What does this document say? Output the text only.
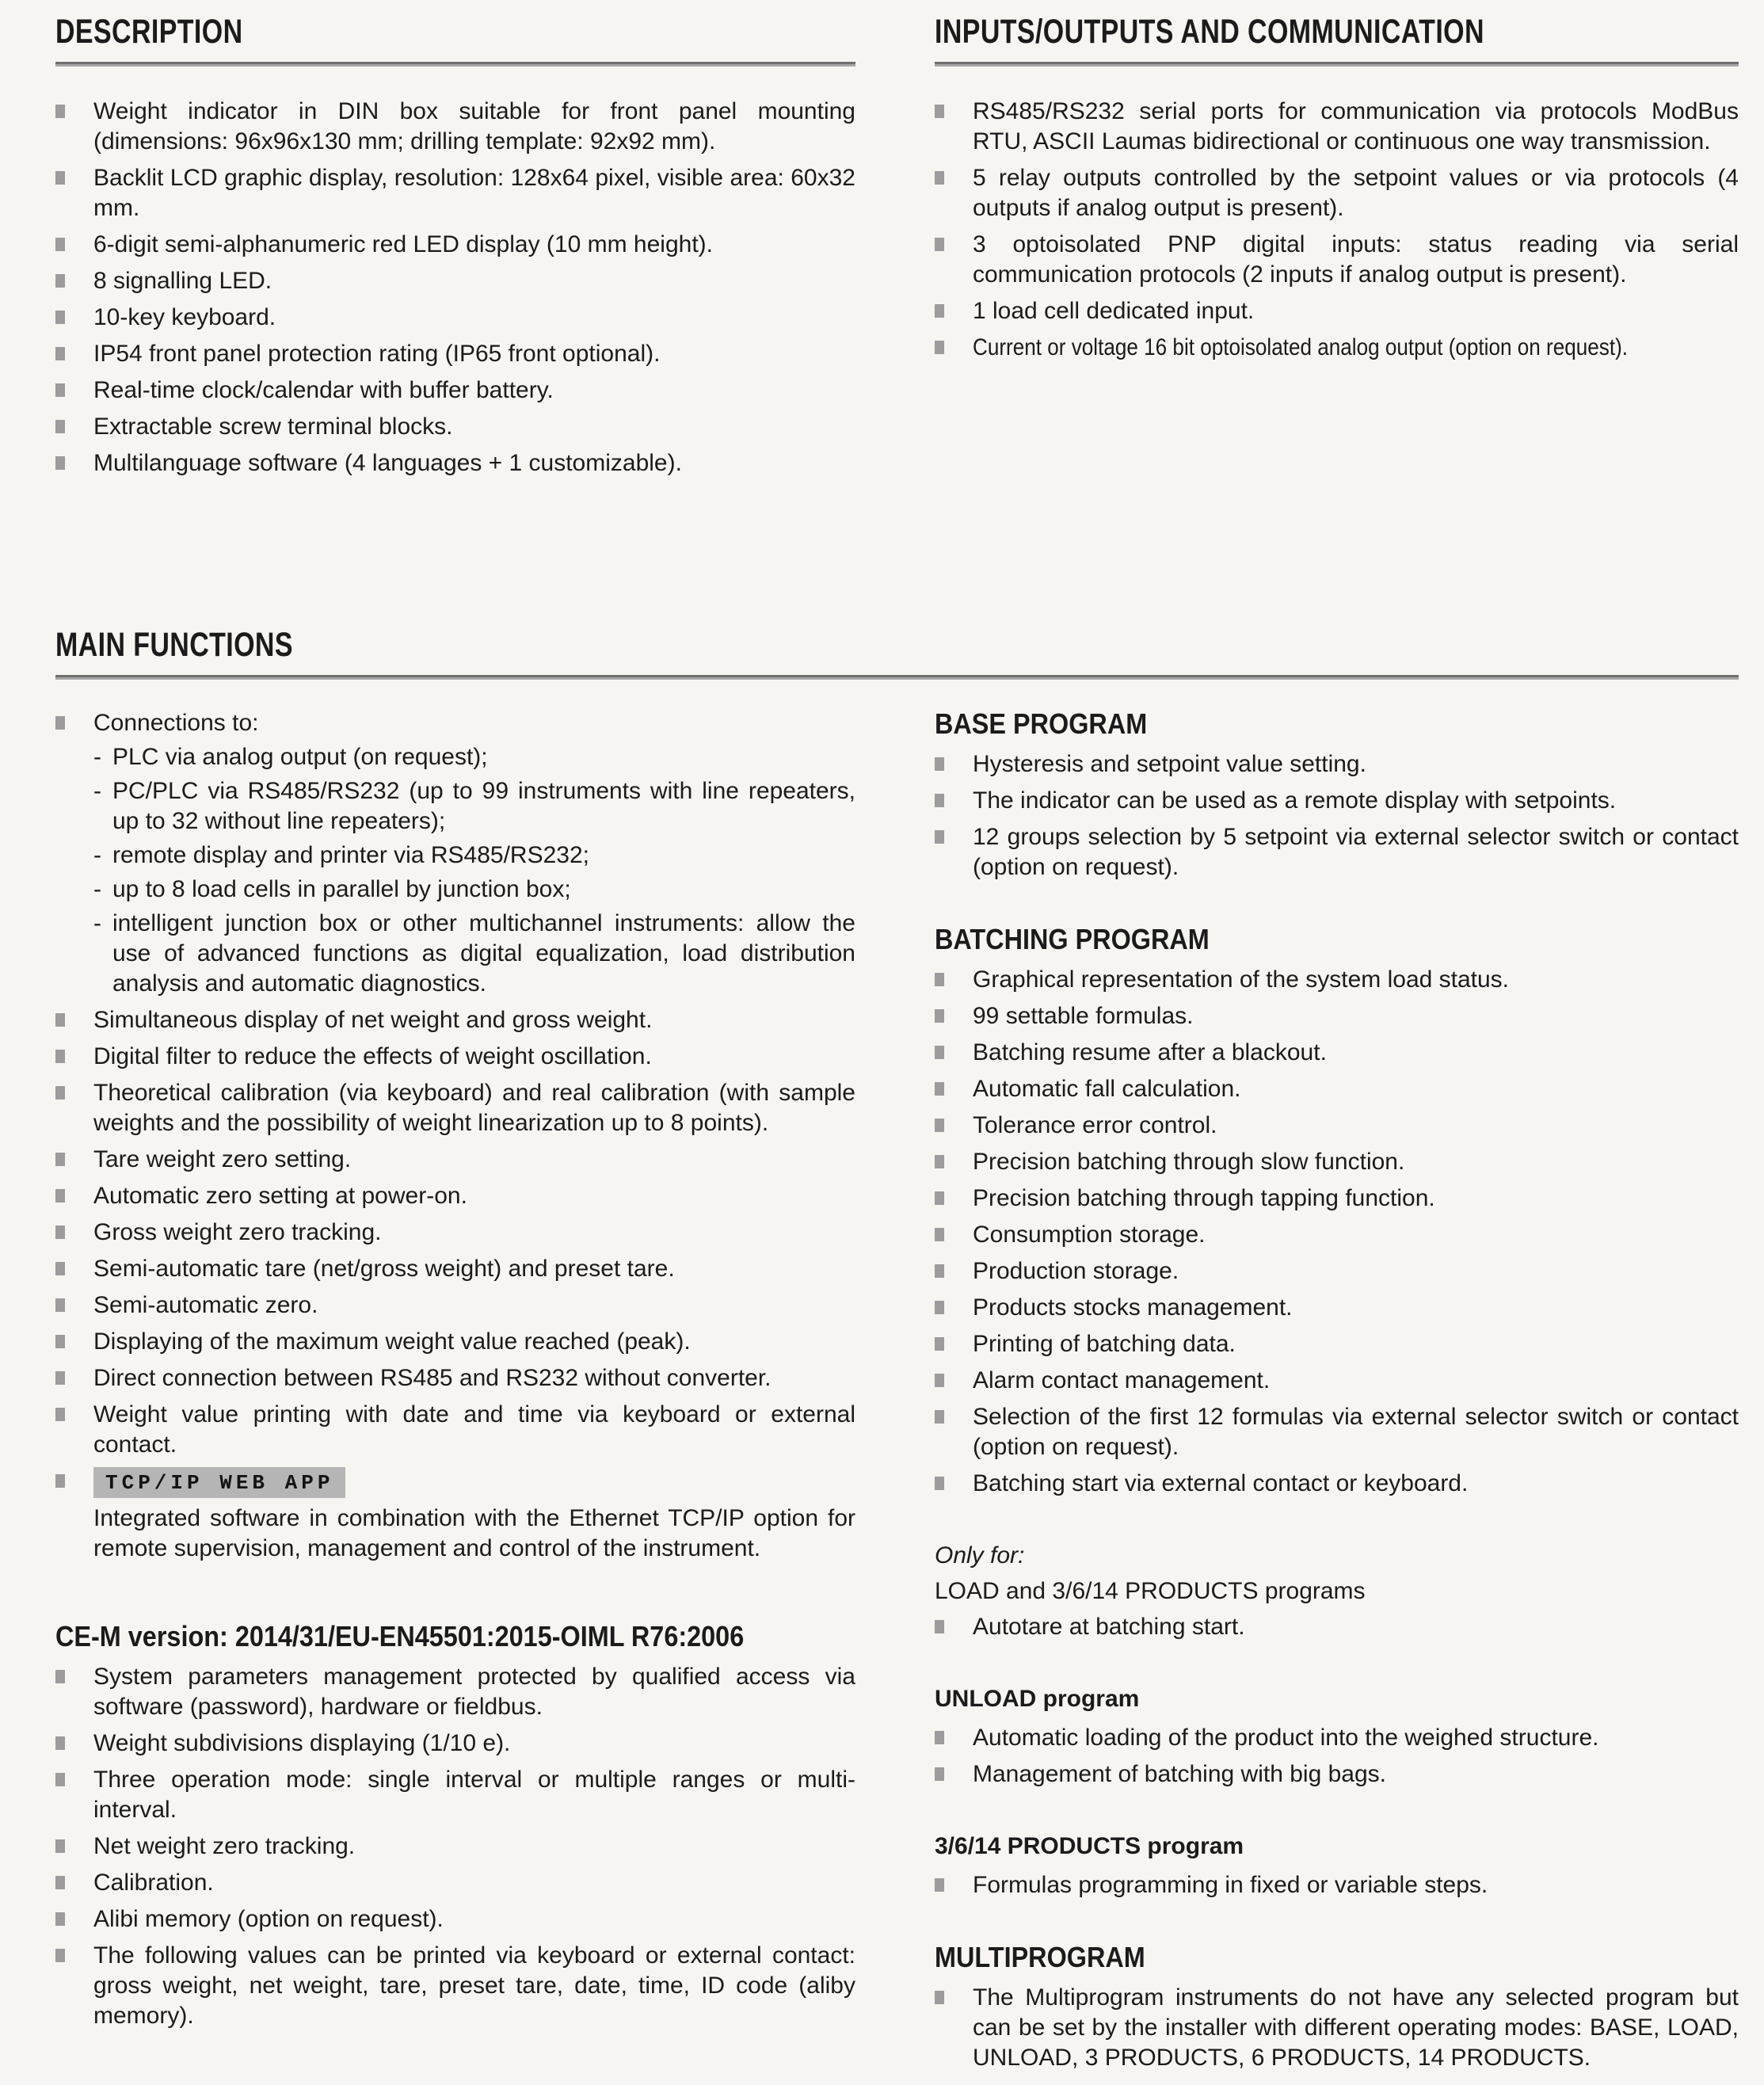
DESCRIPTION
Weight indicator in DIN box suitable for front panel mounting (dimensions: 96x96x130 mm; drilling template: 92x92 mm).
Backlit LCD graphic display, resolution: 128x64 pixel, visible area: 60x32 mm.
6-digit semi-alphanumeric red LED display (10 mm height).
8 signalling LED.
10-key keyboard.
IP54 front panel protection rating (IP65 front optional).
Real-time clock/calendar with buffer battery.
Extractable screw terminal blocks.
Multilanguage software (4 languages + 1 customizable).
INPUTS/OUTPUTS AND COMMUNICATION
RS485/RS232 serial ports for communication via protocols ModBus RTU, ASCII Laumas bidirectional or continuous one way transmission.
5 relay outputs controlled by the setpoint values or via protocols (4 outputs if analog output is present).
3 optoisolated PNP digital inputs: status reading via serial communication protocols (2 inputs if analog output is present).
1 load cell dedicated input.
Current or voltage 16 bit optoisolated analog output (option on request).
MAIN FUNCTIONS
Connections to:
- PLC via analog output (on request);
- PC/PLC via RS485/RS232 (up to 99 instruments with line repeaters, up to 32 without line repeaters);
- remote display and printer via RS485/RS232;
- up to 8 load cells in parallel by junction box;
- intelligent junction box or other multichannel instruments: allow the use of advanced functions as digital equalization, load distribution analysis and automatic diagnostics.
Simultaneous display of net weight and gross weight.
Digital filter to reduce the effects of weight oscillation.
Theoretical calibration (via keyboard) and real calibration (with sample weights and the possibility of weight linearization up to 8 points).
Tare weight zero setting.
Automatic zero setting at power-on.
Gross weight zero tracking.
Semi-automatic tare (net/gross weight) and preset tare.
Semi-automatic zero.
Displaying of the maximum weight value reached (peak).
Direct connection between RS485 and RS232 without converter.
Weight value printing with date and time via keyboard or external contact.
TCP/IP WEB APP
Integrated software in combination with the Ethernet TCP/IP option for remote supervision, management and control of the instrument.
CE-M version: 2014/31/EU-EN45501:2015-OIML R76:2006
System parameters management protected by qualified access via software (password), hardware or fieldbus.
Weight subdivisions displaying (1/10 e).
Three operation mode: single interval or multiple ranges or multi-interval.
Net weight zero tracking.
Calibration.
Alibi memory (option on request).
The following values can be printed via keyboard or external contact: gross weight, net weight, tare, preset tare, date, time, ID code (aliby memory).
BASE PROGRAM
Hysteresis and setpoint value setting.
The indicator can be used as a remote display with setpoints.
12 groups selection by 5 setpoint via external selector switch or contact (option on request).
BATCHING PROGRAM
Graphical representation of the system load status.
99 settable formulas.
Batching resume after a blackout.
Automatic fall calculation.
Tolerance error control.
Precision batching through slow function.
Precision batching through tapping function.
Consumption storage.
Production storage.
Products stocks management.
Printing of batching data.
Alarm contact management.
Selection of the first 12 formulas via external selector switch or contact (option on request).
Batching start via external contact or keyboard.
Only for:
LOAD and 3/6/14 PRODUCTS programs
Autotare at batching start.
UNLOAD program
Automatic loading of the product into the weighed structure.
Management of batching with big bags.
3/6/14 PRODUCTS program
Formulas programming in fixed or variable steps.
MULTIPROGRAM
The Multiprogram instruments do not have any selected program but can be set by the installer with different operating modes: BASE, LOAD, UNLOAD, 3 PRODUCTS, 6 PRODUCTS, 14 PRODUCTS.
